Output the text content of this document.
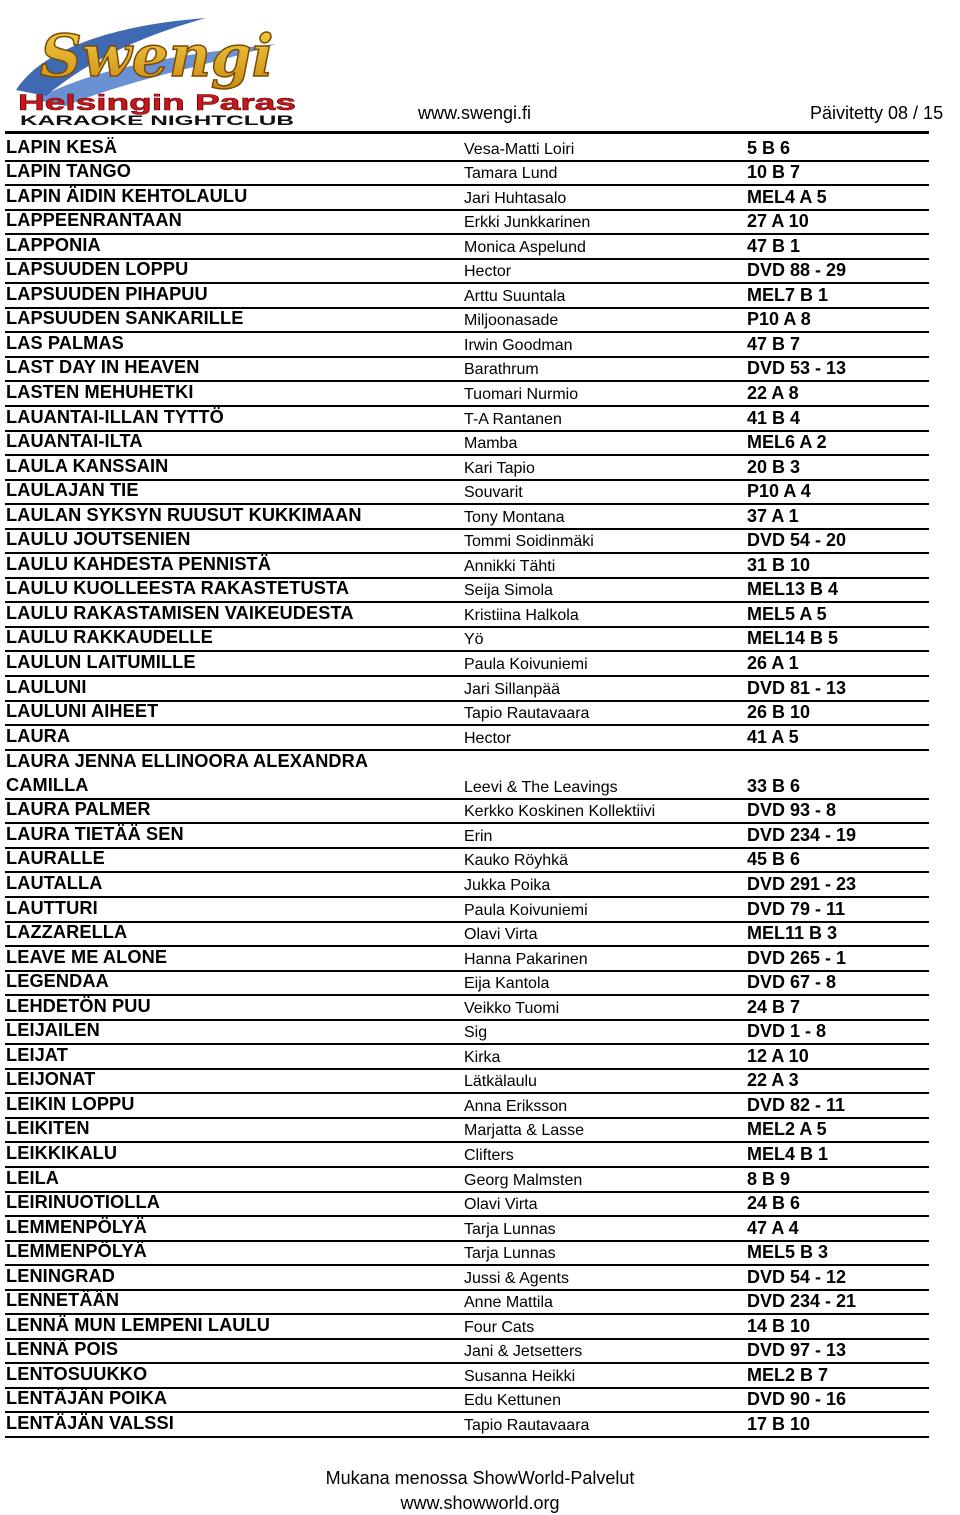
Swengi
Helsingin Paras
KARAOKE NIGHTCLUB	www.swengi.fi	Päivitetty 08 / 15
LAPIN KESÄ	Vesa-Matti Loiri	5 B 6
LAPIN TANGO	Tamara Lund	10 B 7
LAPIN ÄIDIN KEHTOLAULU	Jari Huhtasalo	MEL4 A 5
LAPPEENRANTAAN	Erkki Junkkarinen	27 A 10
LAPPONIA	Monica Aspelund	47 B 1
LAPSUUDEN LOPPU	Hector	DVD 88 - 29
LAPSUUDEN PIHAPUU	Arttu Suuntala	MEL7 B 1
LAPSUUDEN SANKARILLE	Miljoonasade	P10 A 8
LAS PALMAS	Irwin Goodman	47 B 7
LAST DAY IN HEAVEN	Barathrum	DVD 53 - 13
LASTEN MEHUHETKI	Tuomari Nurmio	22 A 8
LAUANTAI-ILLAN TYTTÖ	T-A Rantanen	41 B 4
LAUANTAI-ILTA	Mamba	MEL6 A 2
LAULA KANSSAIN	Kari Tapio	20 B 3
LAULAJAN TIE	Souvarit	P10 A 4
LAULAN SYKSYN RUUSUT KUKKIMAAN	Tony Montana	37 A 1
LAULU JOUTSENIEN	Tommi Soidinmäki	DVD 54 - 20
LAULU KAHDESTA PENNISTÄ	Annikki Tähti	31 B 10
LAULU KUOLLEESTA RAKASTETUSTA	Seija Simola	MEL13 B 4
LAULU RAKASTAMISEN VAIKEUDESTA	Kristiina Halkola	MEL5 A 5
LAULU RAKKAUDELLE	Yö	MEL14 B 5
LAULUN LAITUMILLE	Paula Koivuniemi	26 A 1
LAULUNI	Jari Sillanpää	DVD 81 - 13
LAULUNI AIHEET	Tapio Rautavaara	26 B 10
LAURA	Hector	41 A 5
LAURA JENNA ELLINOORA ALEXANDRA CAMILLA	Leevi & The Leavings	33 B 6
LAURA PALMER	Kerkko Koskinen Kollektiivi	DVD 93 - 8
LAURA TIETÄÄ SEN	Erin	DVD 234 - 19
LAURALLE	Kauko Röyhkä	45 B 6
LAUTALLA	Jukka Poika	DVD 291 - 23
LAUTTURI	Paula Koivuniemi	DVD 79 - 11
LAZZARELLA	Olavi Virta	MEL11 B 3
LEAVE ME ALONE	Hanna Pakarinen	DVD 265 - 1
LEGENDAA	Eija Kantola	DVD 67 - 8
LEHDETÖN PUU	Veikko Tuomi	24 B 7
LEIJAILEN	Sig	DVD 1 - 8
LEIJAT	Kirka	12 A 10
LEIJONAT	Lätkälaulu	22 A 3
LEIKIN LOPPU	Anna Eriksson	DVD 82 - 11
LEIKITEN	Marjatta & Lasse	MEL2 A 5
LEIKKIKALU	Clifters	MEL4 B 1
LEILA	Georg Malmsten	8 B 9
LEIRINUOTIOLLA	Olavi Virta	24 B 6
LEMMENPÖLYÄ	Tarja Lunnas	47 A 4
LEMMENPÖLYÄ	Tarja Lunnas	MEL5 B 3
LENINGRAD	Jussi & Agents	DVD 54 - 12
LENNETÄÄN	Anne Mattila	DVD 234 - 21
LENNÄ MUN LEMPENI LAULU	Four Cats	14 B 10
LENNÄ POIS	Jani & Jetsetters	DVD 97 - 13
LENTOSUUKKO	Susanna Heikki	MEL2 B 7
LENTÄJÄN POIKA	Edu Kettunen	DVD 90 - 16
LENTÄJÄN VALSSI	Tapio Rautavaara	17 B 10
Mukana menossa ShowWorld-Palvelut
www.showworld.org
